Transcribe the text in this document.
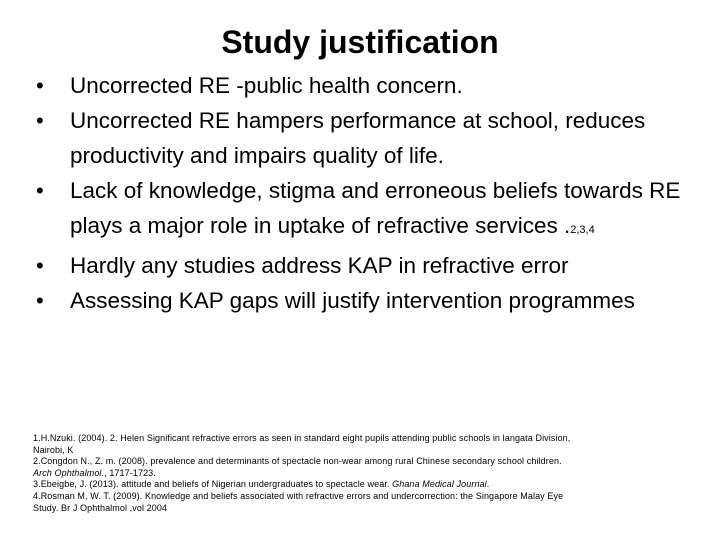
Study justification
• Uncorrected RE -public health concern.
• Uncorrected RE hampers performance at school, reduces productivity and impairs quality of life.
• Lack of knowledge, stigma and erroneous beliefs towards RE plays a major role in uptake of refractive services .2,3,4
• Hardly any studies address KAP in refractive error
• Assessing KAP gaps will justify intervention programmes
1.H.Nzuki. (2004). 2. Helen Significant refractive errors as seen in standard eight pupils attending public schools in langata Division,
Nairobi, K
2.Congdon N., Z. m. (2008). prevalence and determinants of spectacle non-wear among rural Chinese secondary school children.
Arch Ophthalmol., 1717-1723.
3.Ebeigbe, J. (2013). attitude and beliefs of Nigerian undergraduates to spectacle wear. Ghana Medical Journal.
4.Rosman M, W. T. (2009). Knowledge and beliefs associated with refractive errors and undercorrection: the Singapore Malay Eye
Study. Br J Ophthalmol ,vol 2004
